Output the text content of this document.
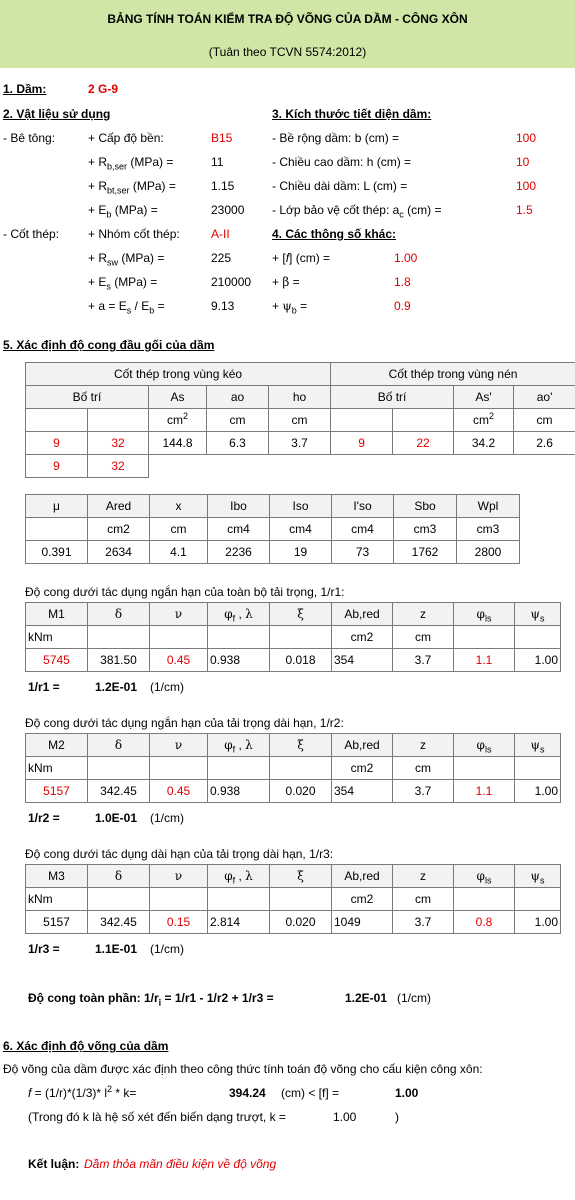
BẢNG TÍNH TOÁN KIỂM TRA ĐỘ VÕNG CỦA DẦM - CÔNG XÔN
(Tuân theo TCVN 5574:2012)
1. Dầm:	2 G-9
2. Vật liệu sử dụng
- Bê tông:	+ Cấp độ bền:	B15
+ $R_{b,ser}$ (MPa) =	11
+ $R_{bt,ser}$ (MPa) =	1.15
+ $E_b$ (MPa) =	23000
- Cốt thép: + Nhóm cốt thép:	A-II
+ $R_{sw}$ (MPa) =	225
+ $E_s$ (MPa) =	210000
+ $a = E_s / E_b$ =	9.13
3. Kích thước tiết diện dầm:
- Bề rộng dầm: b (cm) =	100
- Chiều cao dầm: h (cm) =	10
- Chiều dài dầm: L (cm) =	100
- Lớp bảo vệ cốt thép: $a_c$ (cm) =	1.5
4. Các thông số khác:
+ [f] (cm) =	1.00
+ β =	1.8
+ $\psi_b$ =	0.9
5. Xác định độ cong đầu gối của dầm
Cốt thép trong vùng kéo					Cốt thép trong vùng nén			
Bố trí		As	ao	ho	Bố trí		As'	ao'
		$cm^2$	cm	cm			$cm^2$	cm
9	32	144.8	6.3	3.7	9	22	34.2	2.6
9	32							
μ	Ared	x	Ibo	Iso	I'so	Sbo	Wpl
	cm2	cm	cm4	cm4	cm4	cm3	cm3
0.391	2634	4.1	2236	19	73	1762	2800
Độ cong dưới tác dụng ngắn hạn của toàn bộ tải trọng, 1/r1:
M1	δ	ν	$\varphi_f$ , λ	ξ	Ab,red	z	$\varphi_{ls}$	$\psi_s$
kNm					cm2	cm		
5745	381.50	0.45	0.938	0.018	354	3.7	1.1	1.00
1/r1 =	1.2E-01 (1/cm)
Độ cong dưới tác dụng ngắn hạn của tải trọng dài hạn, 1/r2:
M2	δ	ν	$\varphi_f$ , λ	ξ	Ab,red	z	$\varphi_{ls}$	$\psi_s$
kNm					cm2	cm		
5157	342.45	0.45	0.938	0.020	354	3.7	1.1	1.00
1/r2 =	1.0E-01 (1/cm)
Độ cong dưới tác dụng dài hạn của tải trọng dài hạn, 1/r3:
M3	δ	ν	$\varphi_f$ , λ	ξ	Ab,red	z	$\varphi_{ls}$	$\psi_s$
kNm					cm2	cm		
5157	342.45	0.15	2.814	0.020	1049	3.7	0.8	1.00
1/r3 =	1.1E-01 (1/cm)
Độ cong toàn phần: $1/r_i = 1/r1 - 1/r2 + 1/r3$ =	1.2E-01 (1/cm)
6. Xác định độ võng của dầm
Độ võng của dầm được xác định theo công thức tính toán độ võng cho cấu kiện công xôn:
f = (1/r)*(1/3)* $l^2 * k=$	394.24 (cm) < [f] =	1.00
(Trong đó k là hệ số xét đến biến dạng trượt, k =	1.00	)
Kết luận: Dầm thỏa mãn điều kiện về độ võng
